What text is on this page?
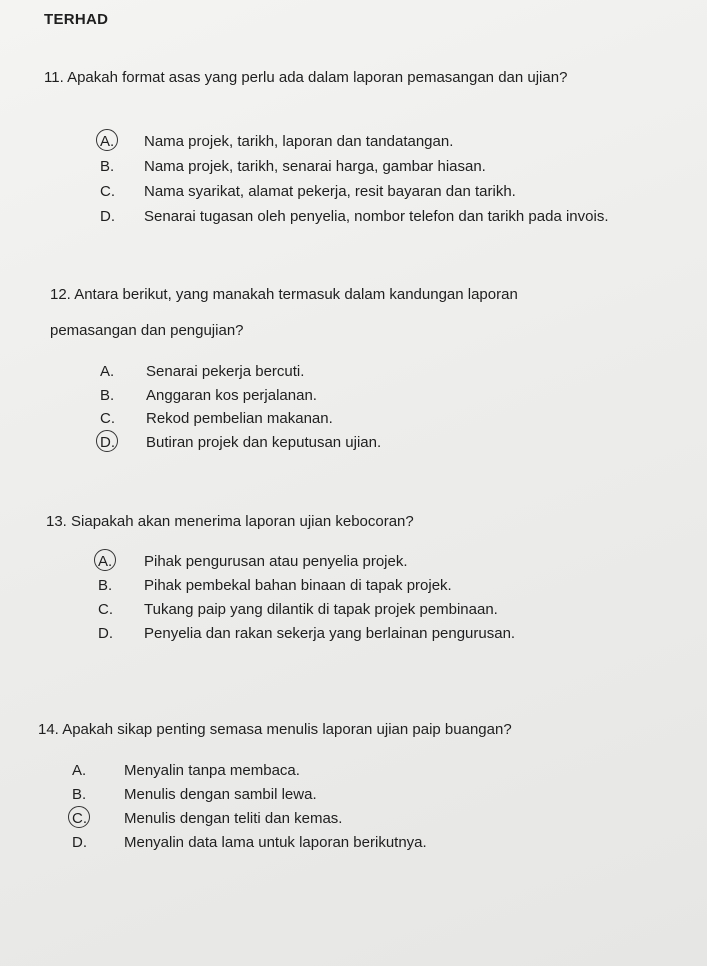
TERHAD
11. Apakah format asas yang perlu ada dalam laporan pemasangan dan ujian?
A.	Nama projek, tarikh, laporan dan tandatangan.
B.	Nama projek, tarikh, senarai harga, gambar hiasan.
C.	Nama syarikat, alamat pekerja, resit bayaran dan tarikh.
D.	Senarai tugasan oleh penyelia, nombor telefon dan tarikh pada invois.
12. Antara berikut, yang manakah termasuk dalam kandungan laporan
pemasangan dan pengujian?
A.	Senarai pekerja bercuti.
B.	Anggaran kos perjalanan.
C.	Rekod pembelian makanan.
D.	Butiran projek dan keputusan ujian.
13. Siapakah akan menerima laporan ujian kebocoran?
A.	Pihak pengurusan atau penyelia projek.
B.	Pihak pembekal bahan binaan di tapak projek.
C.	Tukang paip yang dilantik di tapak projek pembinaan.
D.	Penyelia dan rakan sekerja yang berlainan pengurusan.
14. Apakah sikap penting semasa menulis laporan ujian paip buangan?
A.	Menyalin tanpa membaca.
B.	Menulis dengan sambil lewa.
C.	Menulis dengan teliti dan kemas.
D.	Menyalin data lama untuk laporan berikutnya.
